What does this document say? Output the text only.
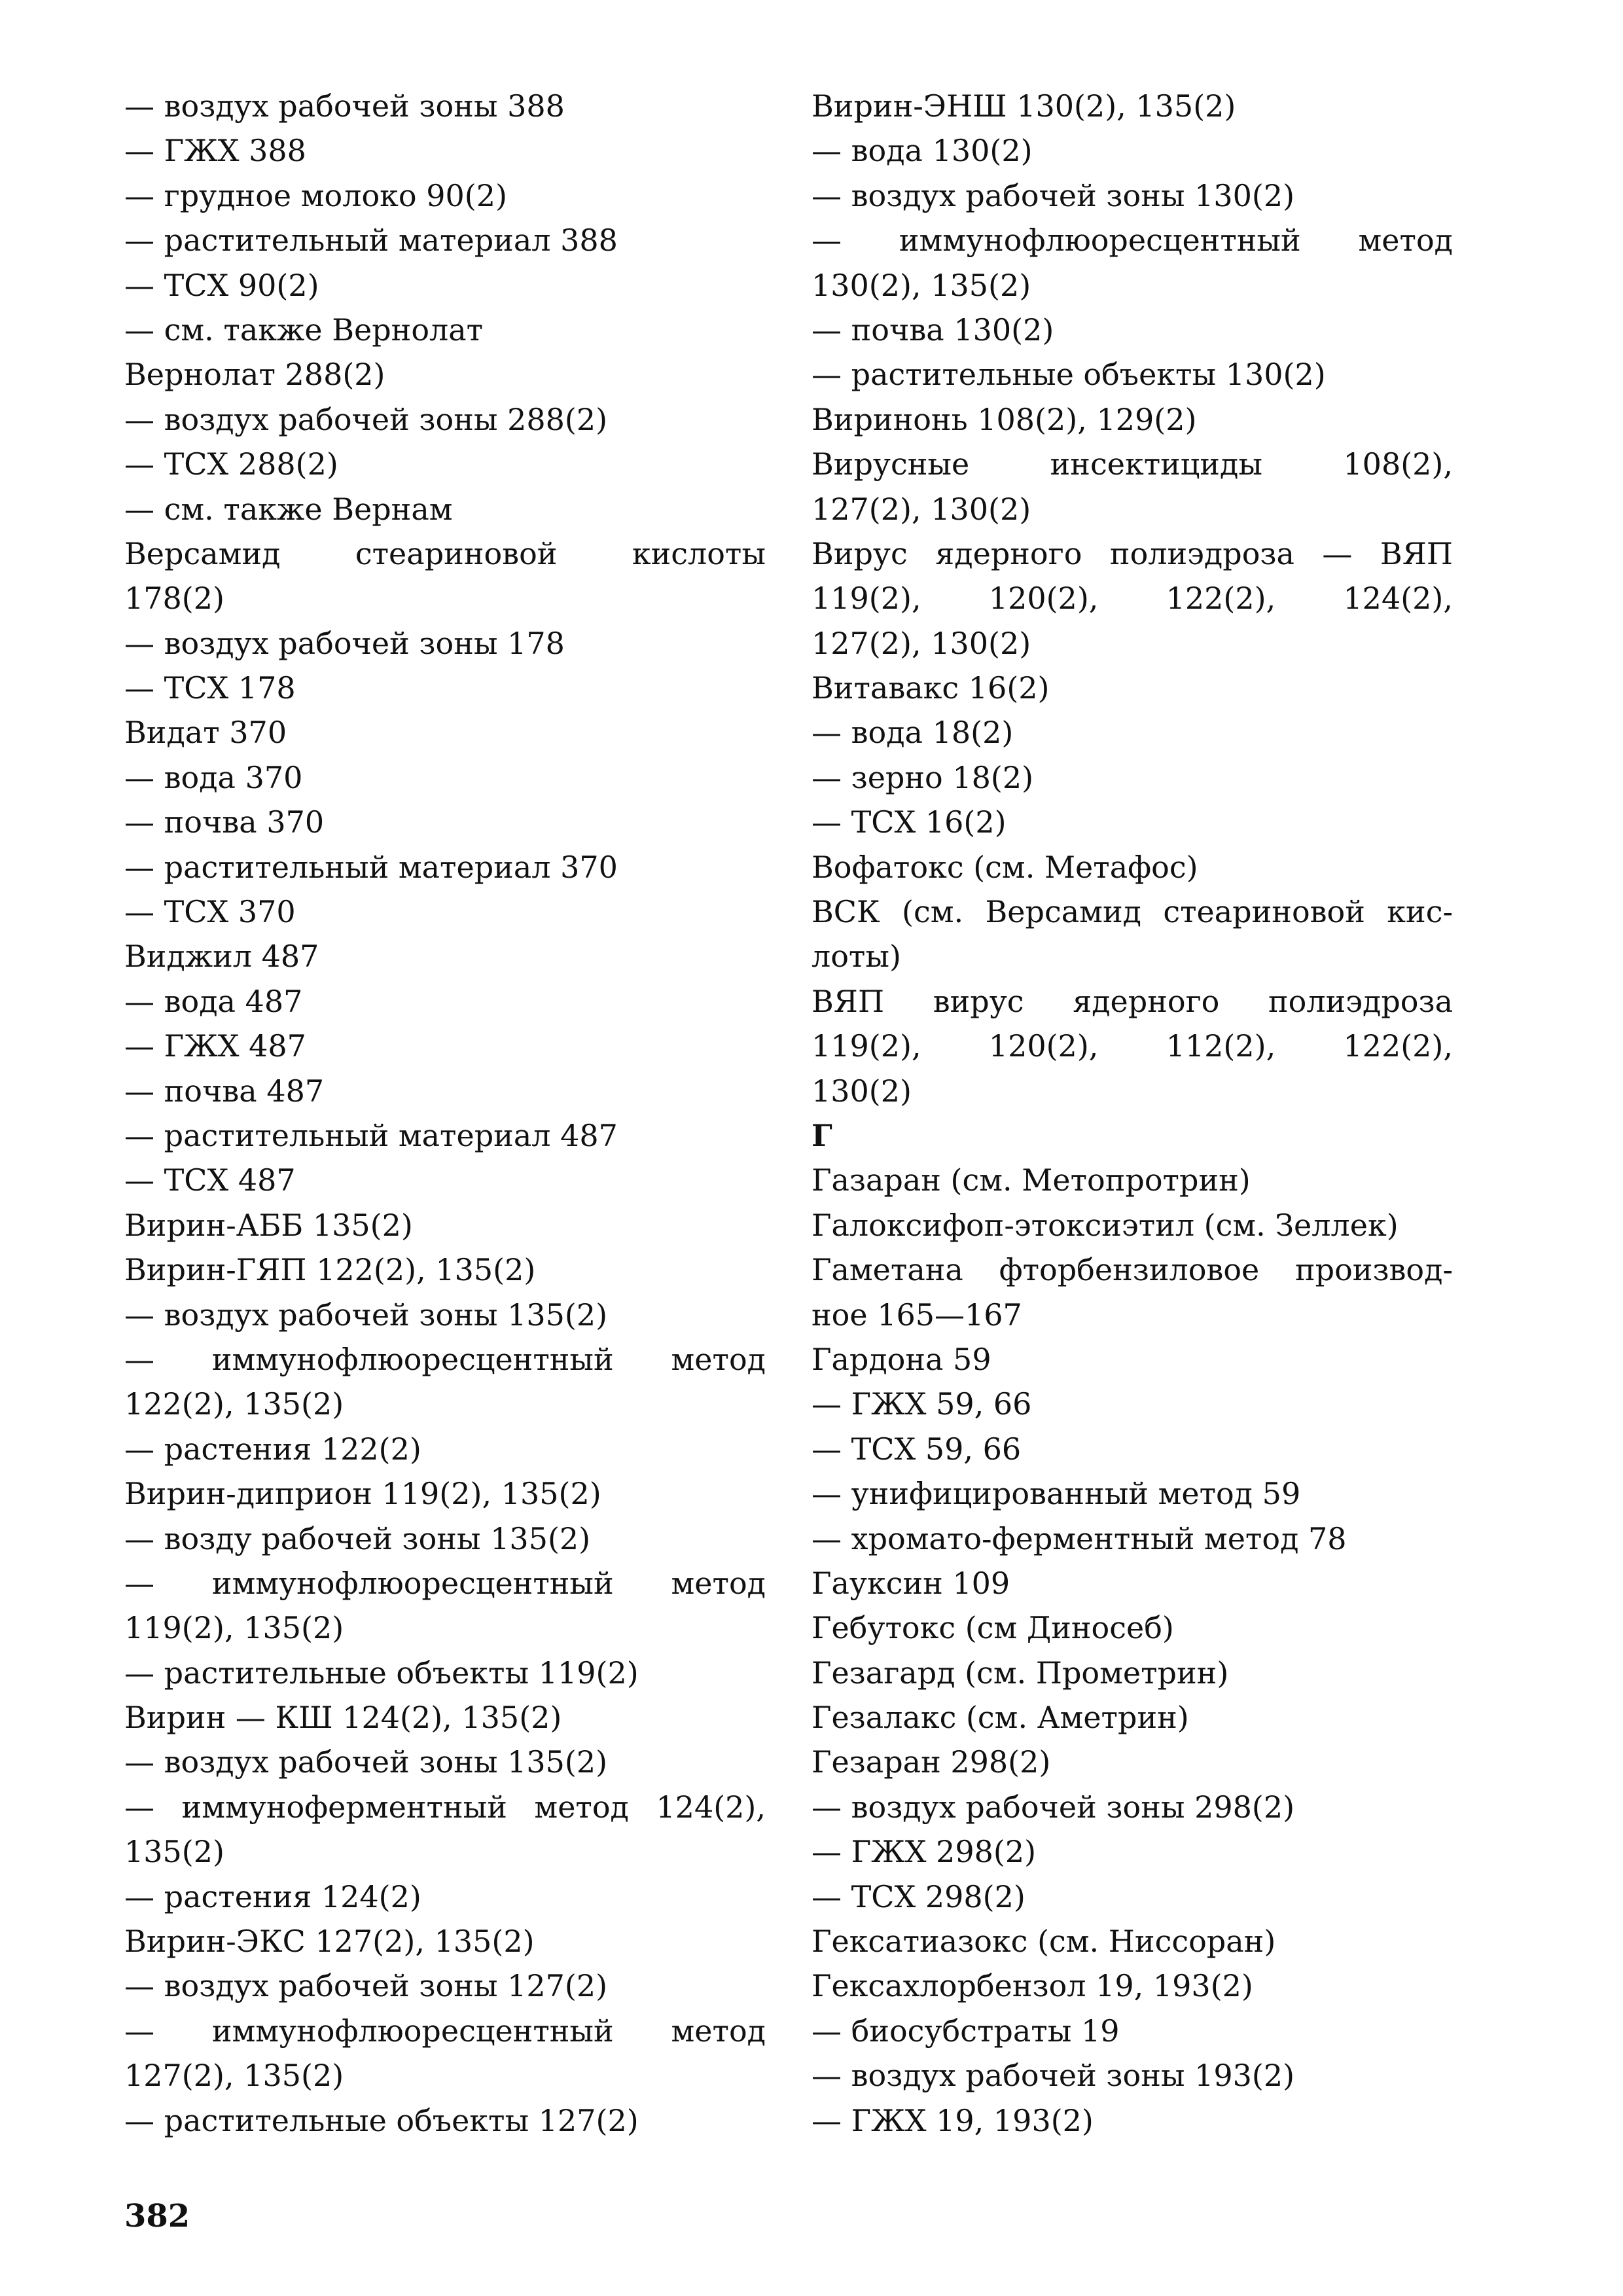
— воздух рабочей зоны 388
— ГЖХ 388
— грудное молоко 90(2)
— растительный материал 388
— ТСХ 90(2)
— см. также Вернолат
Вернолат 288(2)
— воздух рабочей зоны 288(2)
— ТСХ 288(2)
— см. также Вернам
Версамид стеариновой кислоты
178(2)
— воздух рабочей зоны 178
— ТСХ 178
Видат 370
— вода 370
— почва 370
— растительный материал 370
— ТСХ 370
Виджил 487
— вода 487
— ГЖХ 487
— почва 487
— растительный материал 487
— ТСХ 487
Вирин-АББ 135(2)
Вирин-ГЯП 122(2), 135(2)
— воздух рабочей зоны 135(2)
— иммунофлюоресцентный метод
122(2), 135(2)
— растения 122(2)
Вирин-диприон 119(2), 135(2)
— возду рабочей зоны 135(2)
— иммунофлюоресцентный метод
119(2), 135(2)
— растительные объекты 119(2)
Вирин — КШ 124(2), 135(2)
— воздух рабочей зоны 135(2)
— иммуноферментный метод 124(2),
135(2)
— растения 124(2)
Вирин-ЭКС 127(2), 135(2)
— воздух рабочей зоны 127(2)
— иммунофлюоресцентный метод
127(2), 135(2)
— растительные объекты 127(2)
Вирин-ЭНШ 130(2), 135(2)
— вода 130(2)
— воздух рабочей зоны 130(2)
— иммунофлюоресцентный метод
130(2), 135(2)
— почва 130(2)
— растительные объекты 130(2)
Виринонь 108(2), 129(2)
Вирусные инсектициды 108(2),
127(2), 130(2)
Вирус ядерного полиэдроза — ВЯП
119(2), 120(2), 122(2), 124(2),
127(2), 130(2)
Витавакс 16(2)
— вода 18(2)
— зерно 18(2)
— ТСХ 16(2)
Вофатокс (см. Метафос)
ВСК (см. Версамид стеариновой кис-
лоты)
ВЯП вирус ядерного полиэдроза
119(2), 120(2), 112(2), 122(2),
130(2)
Г
Газаран (см. Метопротрин)
Галоксифоп-этоксиэтил (см. Зеллек)
Гаметана фторбензиловое производ-
ное 165—167
Гардона 59
— ГЖХ 59, 66
— ТСХ 59, 66
— унифицированный метод 59
— хромато-ферментный метод 78
Гауксин 109
Гебутокс (см Диносеб)
Гезагард (см. Прометрин)
Гезалакс (см. Аметрин)
Гезаран 298(2)
— воздух рабочей зоны 298(2)
— ГЖХ 298(2)
— ТСХ 298(2)
Гексатиазокс (см. Ниссоран)
Гексахлорбензол 19, 193(2)
— биосубстраты 19
— воздух рабочей зоны 193(2)
— ГЖХ 19, 193(2)
382
